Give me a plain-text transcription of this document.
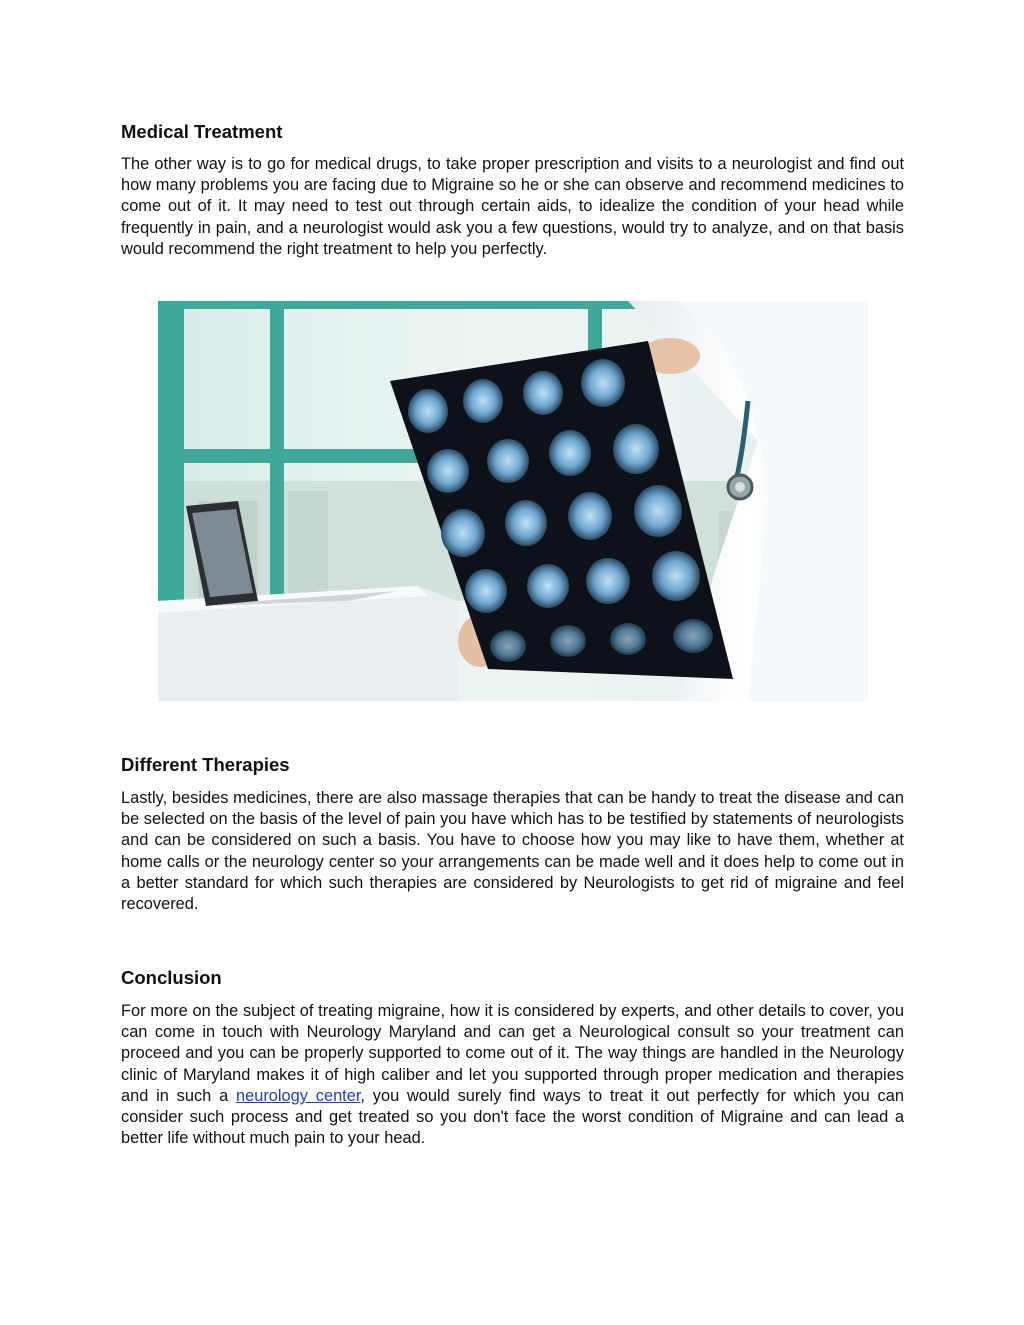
Medical Treatment

The other way is to go for medical drugs, to take proper prescription and visits to a neurologist and find out how many problems you are facing due to Migraine so he or she can observe and recommend medicines to come out of it. It may need to test out through certain aids, to idealize the condition of your head while frequently in pain, and a neurologist would ask you a few questions, would try to analyze, and on that basis would recommend the right treatment to help you perfectly.

Different Therapies

Lastly, besides medicines, there are also massage therapies that can be handy to treat the disease and can be selected on the basis of the level of pain you have which has to be testified by statements of neurologists and can be considered on such a basis. You have to choose how you may like to have them, whether at home calls or the neurology center so your arrangements can be made well and it does help to come out in a better standard for which such therapies are considered by Neurologists to get rid of migraine and feel recovered.

Conclusion

For more on the subject of treating migraine, how it is considered by experts, and other details to cover, you can come in touch with Neurology Maryland and can get a Neurological consult so your treatment can proceed and you can be properly supported to come out of it. The way things are handled in the Neurology clinic of Maryland makes it of high caliber and let you supported through proper medication and therapies and in such a neurology center, you would surely find ways to treat it out perfectly for which you can consider such process and get treated so you don't face the worst condition of Migraine and can lead a better life without much pain to your head.
